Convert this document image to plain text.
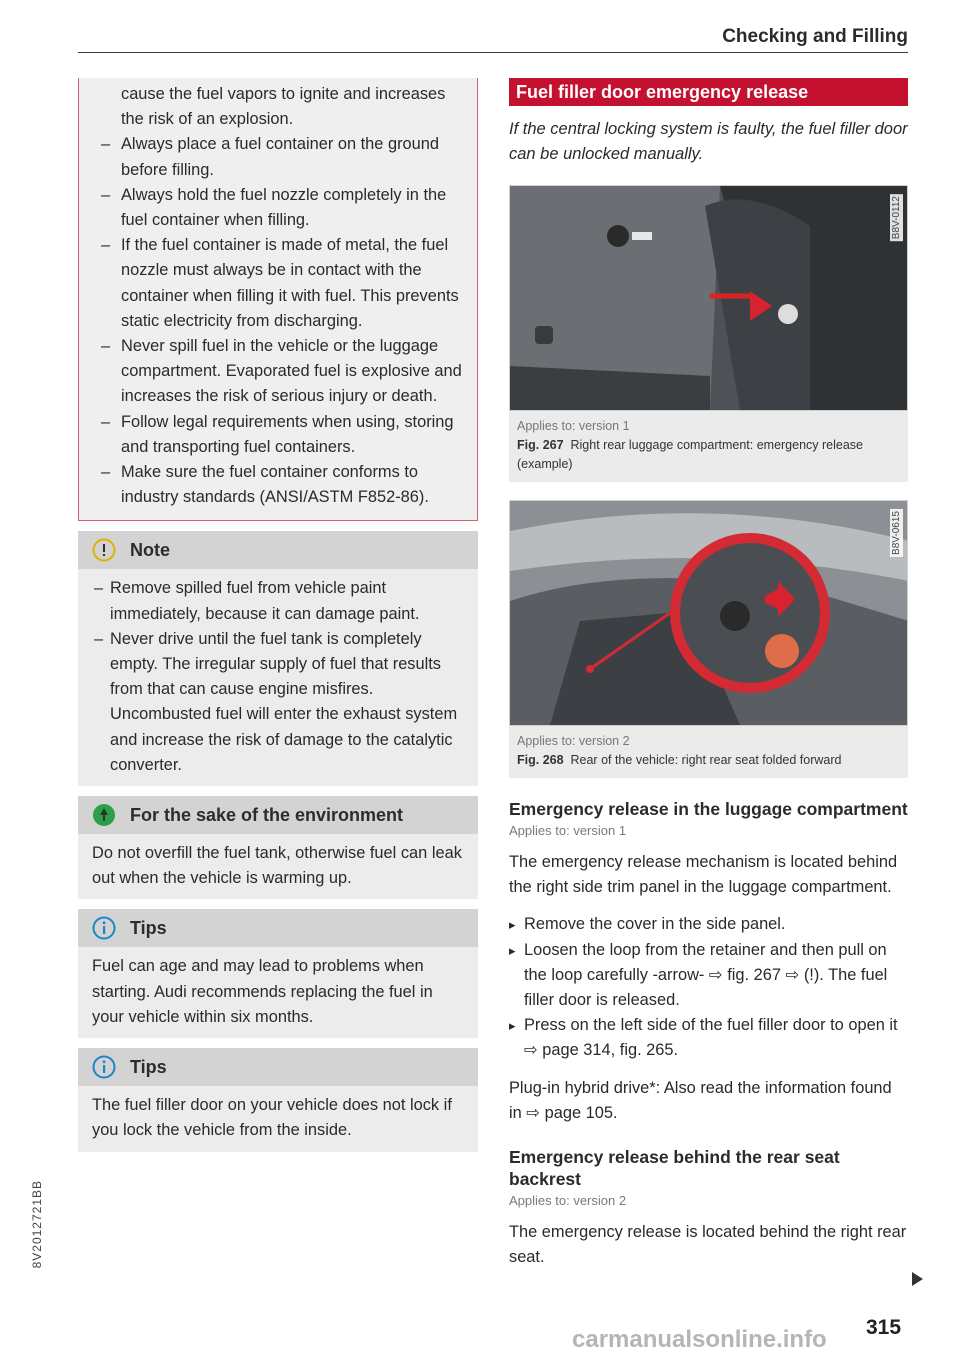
Checking and Filling
cause the fuel vapors to ignite and increases the risk of an explosion.
– Always place a fuel container on the ground before filling.
– Always hold the fuel nozzle completely in the fuel container when filling.
– If the fuel container is made of metal, the fuel nozzle must always be in contact with the container when filling it with fuel. This prevents static electricity from discharging.
– Never spill fuel in the vehicle or the luggage compartment. Evaporated fuel is explosive and increases the risk of serious injury or death.
– Follow legal requirements when using, storing and transporting fuel containers.
– Make sure the fuel container conforms to industry standards (ANSI/ASTM F852-86).
Note
– Remove spilled fuel from vehicle paint immediately, because it can damage paint.
– Never drive until the fuel tank is completely empty. The irregular supply of fuel that results from that can cause engine misfires. Uncombusted fuel will enter the exhaust system and increase the risk of damage to the catalytic converter.
For the sake of the environment
Do not overfill the fuel tank, otherwise fuel can leak out when the vehicle is warming up.
Tips
Fuel can age and may lead to problems when starting. Audi recommends replacing the fuel in your vehicle within six months.
Tips
The fuel filler door on your vehicle does not lock if you lock the vehicle from the inside.
Fuel filler door emergency release
If the central locking system is faulty, the fuel filler door can be unlocked manually.
B8V-0112
Applies to: version 1
Fig. 267 Right rear luggage compartment: emergency release (example)
B8V-0615
Applies to: version 2
Fig. 268 Rear of the vehicle: right rear seat folded forward
Emergency release in the luggage compartment
Applies to: version 1
The emergency release mechanism is located behind the right side trim panel in the luggage compartment.
▸ Remove the cover in the side panel.
▸ Loosen the loop from the retainer and then pull on the loop carefully -arrow- ⇨ fig. 267 ⇨ (!). The fuel filler door is released.
▸ Press on the left side of the fuel filler door to open it ⇨ page 314, fig. 265.
Plug-in hybrid drive*: Also read the information found in ⇨ page 105.
Emergency release behind the rear seat backrest
Applies to: version 2
The emergency release is located behind the right rear seat.
315
8V2012721BB
carmanualsonline.info
